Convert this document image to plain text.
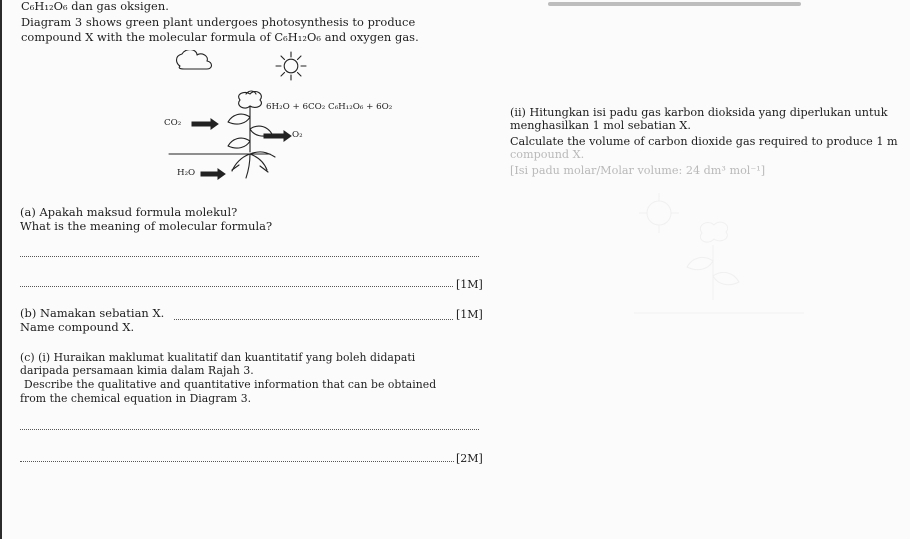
C₆H₁₂O₆ dan gas oksigen.
Diagram 3 shows green plant undergoes photosynthesis to produce
compound X with the molecular formula of C₆H₁₂O₆ and oxygen gas.
6H₂O + 6CO₂ C₆H₁₂O₆ + 6O₂
CO₂
O₂
H₂O
(a) Apakah maksud formula molekul?
What is the meaning of molecular formula?
[1M]
(b) Namakan sebatian X.	[1M]
Name compound X.
(c) (i) Huraikan maklumat kualitatif dan kuantitatif yang boleh didapati
daripada persamaan kimia dalam Rajah 3.
Describe the qualitative and quantitative information that can be obtained
from the chemical equation in Diagram 3.
[2M]
(ii) Hitungkan isi padu gas karbon dioksida yang diperlukan untuk
menghasilkan 1 mol sebatian X.
Calculate the volume of carbon dioxide gas required to produce 1 m
compound X.
[Isi padu molar/Molar volume: 24 dm³ mol⁻¹]
